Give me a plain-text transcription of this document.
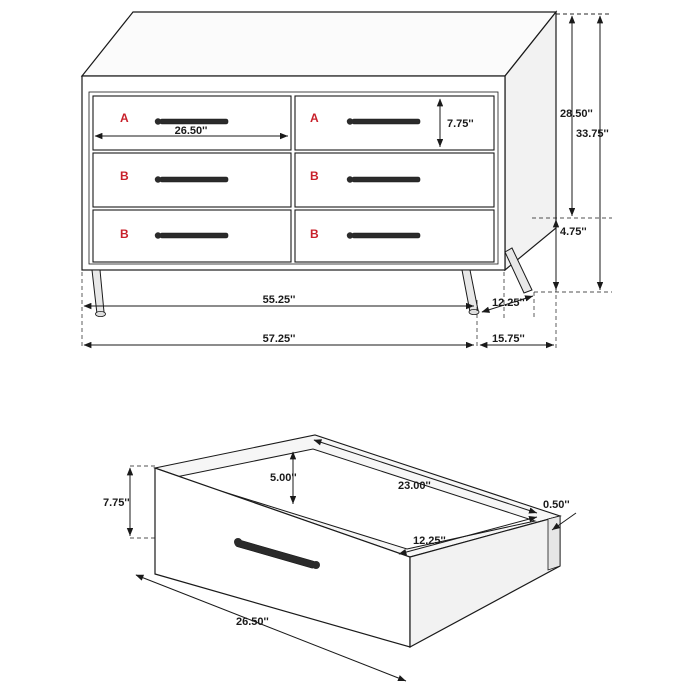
A	A
B	B
B	B
26.50''
7.75''
28.50''
33.75''
4.75''
55.25''	12.25''
57.25''	15.75''
7.75''
5.00''
23.00''
12.25''
0.50''
26.50''
